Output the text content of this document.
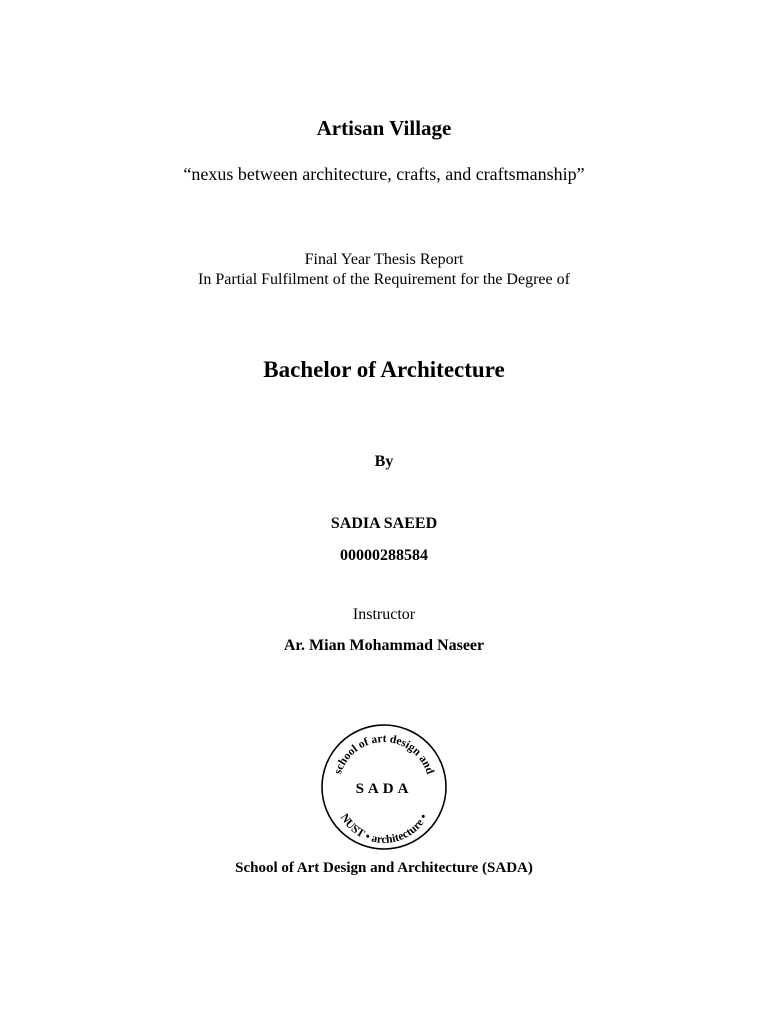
Artisan Village
“nexus between architecture, crafts, and craftsmanship”
Final Year Thesis Report
In Partial Fulfilment of the Requirement for the Degree of
Bachelor of Architecture
By
SADIA SAEED
00000288584
Instructor
Ar. Mian Mohammad Naseer
school of art design and
NUST • architecture •
SADA
School of Art Design and Architecture (SADA)
